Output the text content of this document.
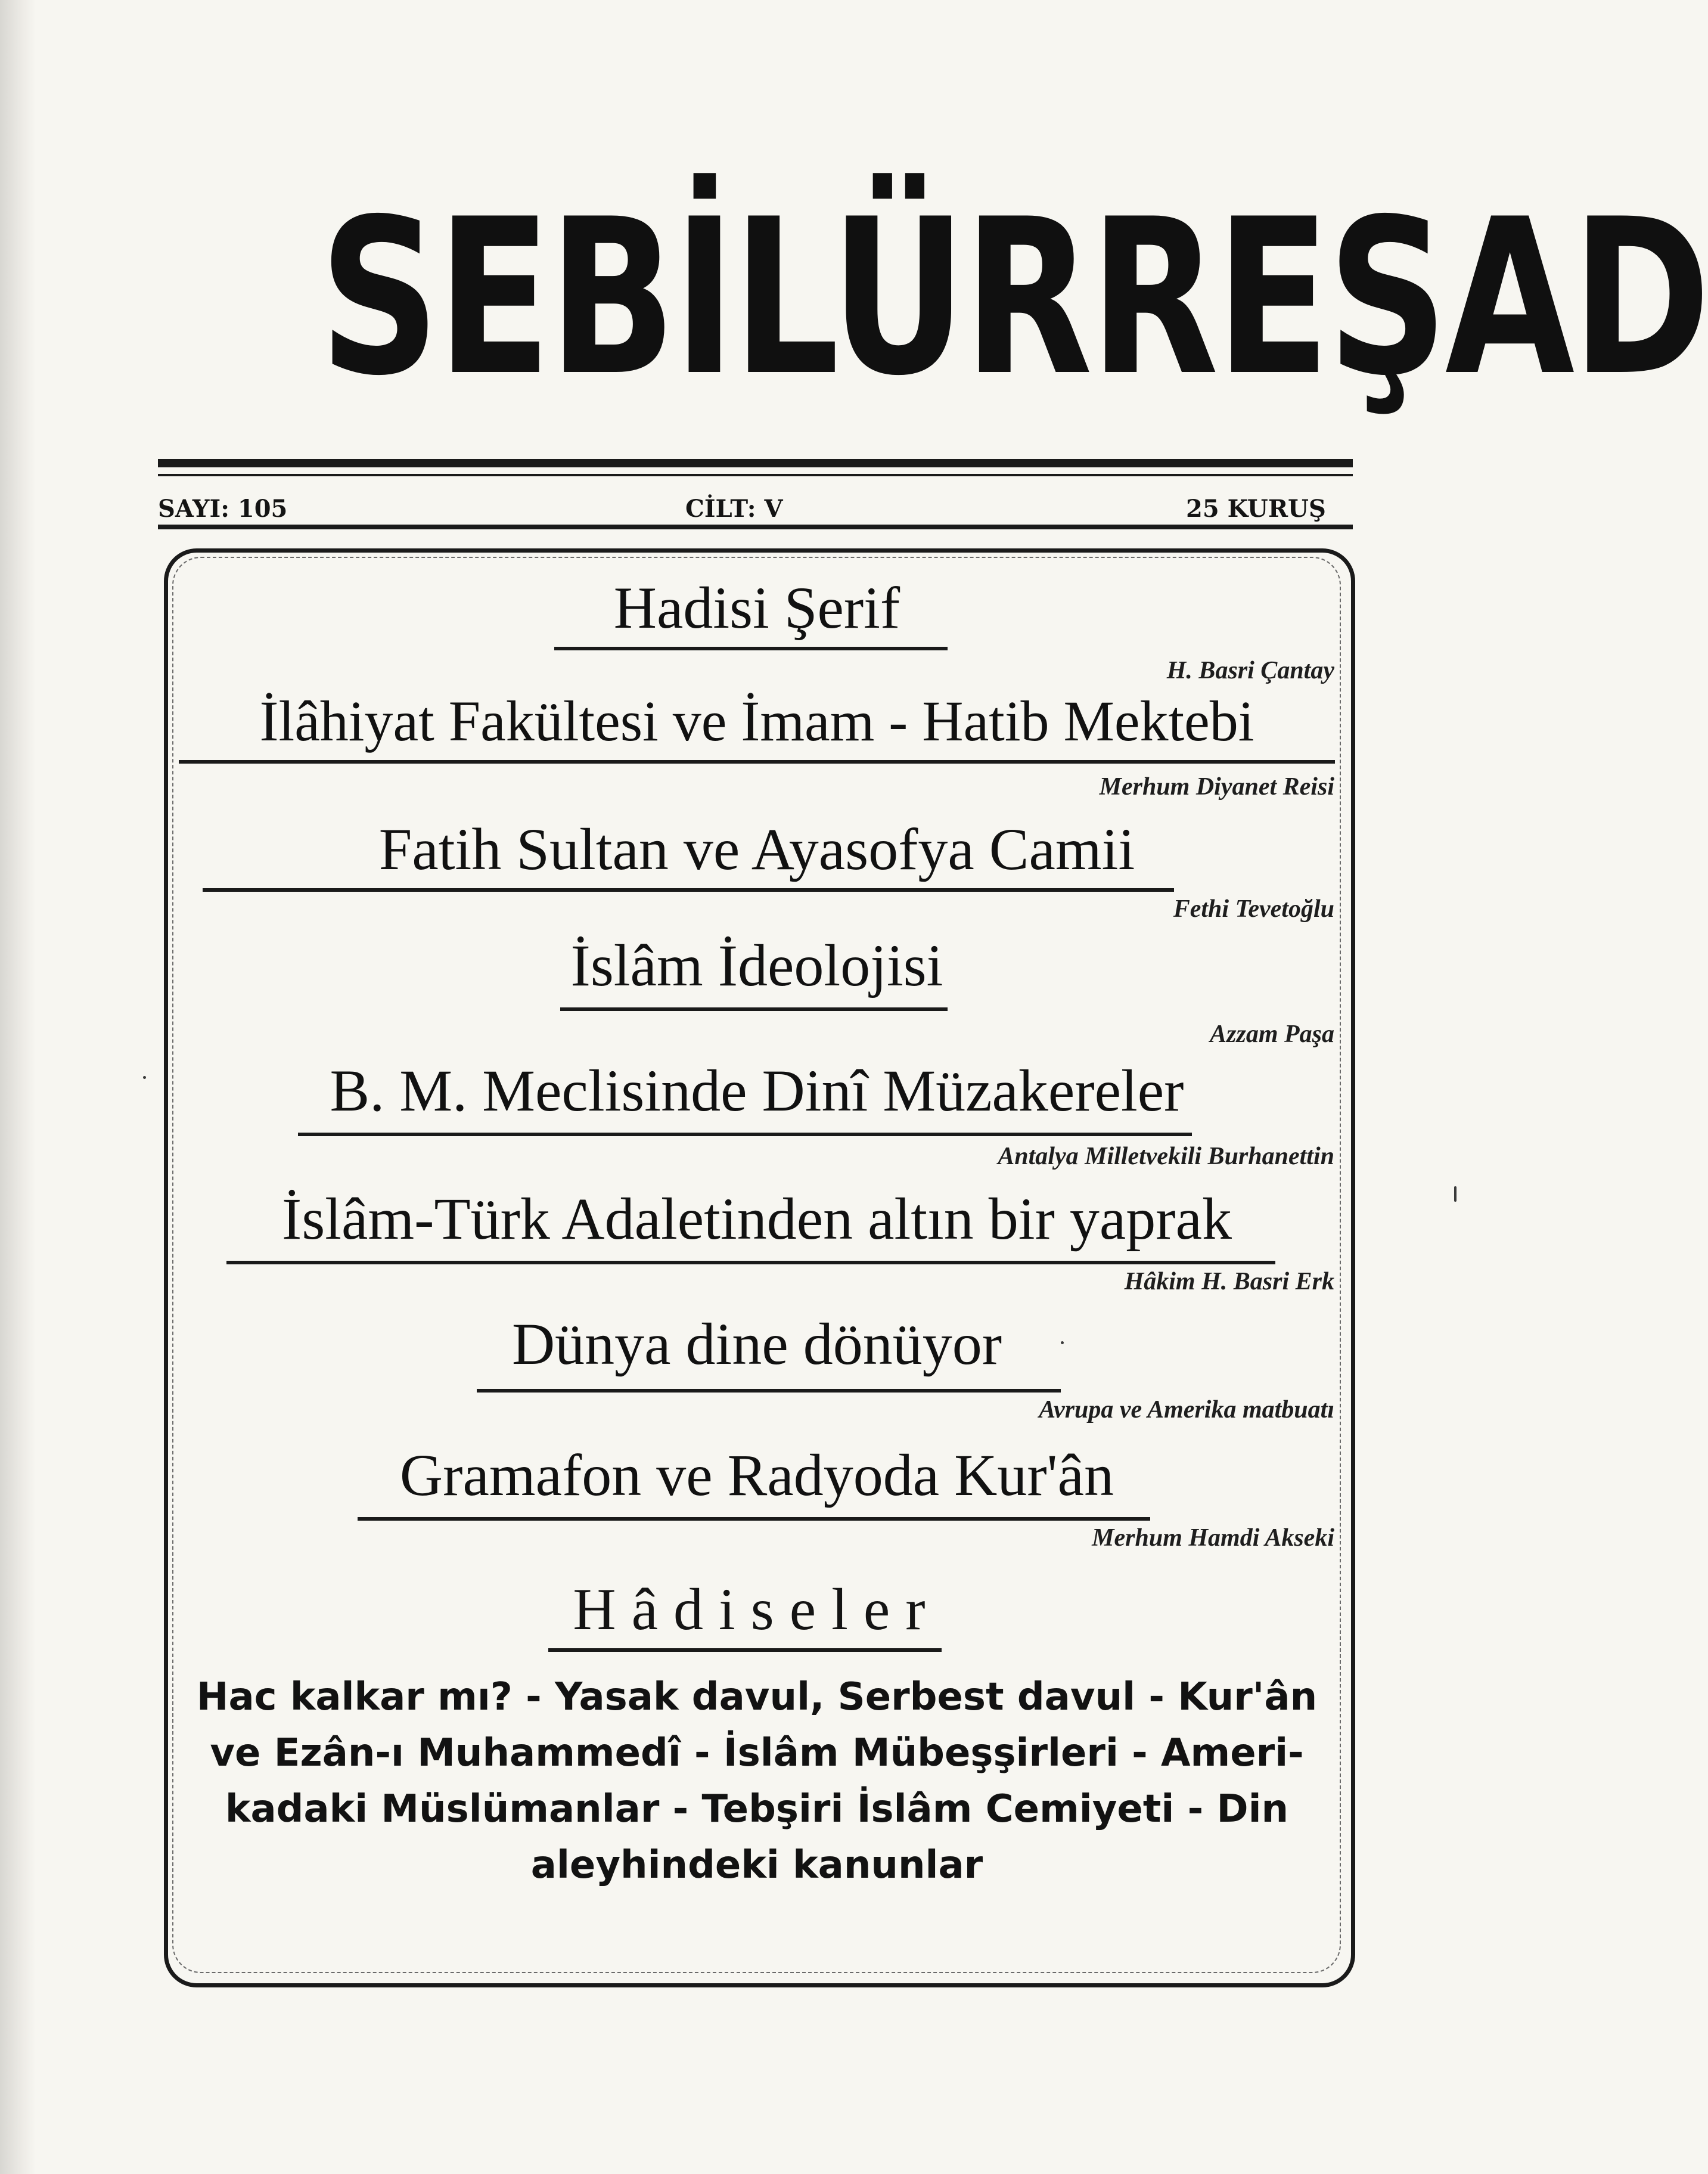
SEBİLÜRREŞAD
SAYI: 105	CİLT: V	25 KURUŞ
Hadisi Şerif
H. Basri Çantay
İlâhiyat Fakültesi ve İmam - Hatib Mektebi
Merhum Diyanet Reisi
Fatih Sultan ve Ayasofya Camii
Fethi Tevetoğlu
İslâm İdeolojisi
Azzam Paşa
B. M. Meclisinde Dinî Müzakereler
Antalya Milletvekili Burhanettin
İslâm-Türk Adaletinden altın bir yaprak
Hâkim H. Basri Erk
Dünya dine dönüyor
Avrupa ve Amerika matbuatı
Gramafon ve Radyoda Kur'ân
Merhum Hamdi Akseki
Hâdiseler
Hac kalkar mı? - Yasak davul, Serbest davul - Kur'ân
ve Ezân-ı Muhammedî - İslâm Mübeşşirleri - Ameri-
kadaki Müslümanlar - Tebşiri İslâm Cemiyeti - Din
aleyhindeki kanunlar
